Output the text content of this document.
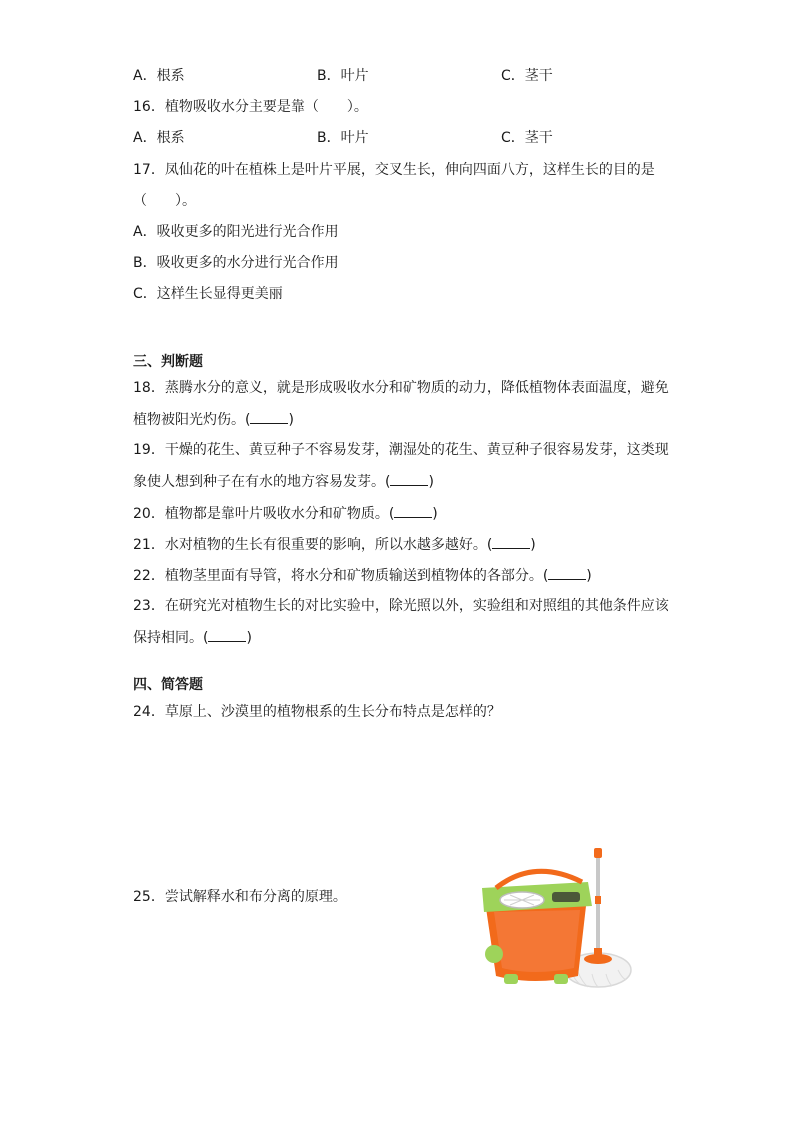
A．根系	B．叶片	C．茎干
16．植物吸收水分主要是靠（　　）。
A．根系	B．叶片	C．茎干
17．凤仙花的叶在植株上是叶片平展，交叉生长，伸向四面八方，这样生长的目的是
（　　）。
A．吸收更多的阳光进行光合作用
B．吸收更多的水分进行光合作用
C．这样生长显得更美丽
三、判断题
18．蒸腾水分的意义，就是形成吸收水分和矿物质的动力，降低植物体表面温度，避免
植物被阳光灼伤。(	)
19．干燥的花生、黄豆种子不容易发芽，潮湿处的花生、黄豆种子很容易发芽，这类现
象使人想到种子在有水的地方容易发芽。(	)
20．植物都是靠叶片吸收水分和矿物质。(	)
21．水对植物的生长有很重要的影响，所以水越多越好。(	)
22．植物茎里面有导管，将水分和矿物质输送到植物体的各部分。(	)
23．在研究光对植物生长的对比实验中，除光照以外，实验组和对照组的其他条件应该
保持相同。(	)
四、简答题
24．草原上、沙漠里的植物根系的生长分布特点是怎样的？
25．尝试解释水和布分离的原理。
